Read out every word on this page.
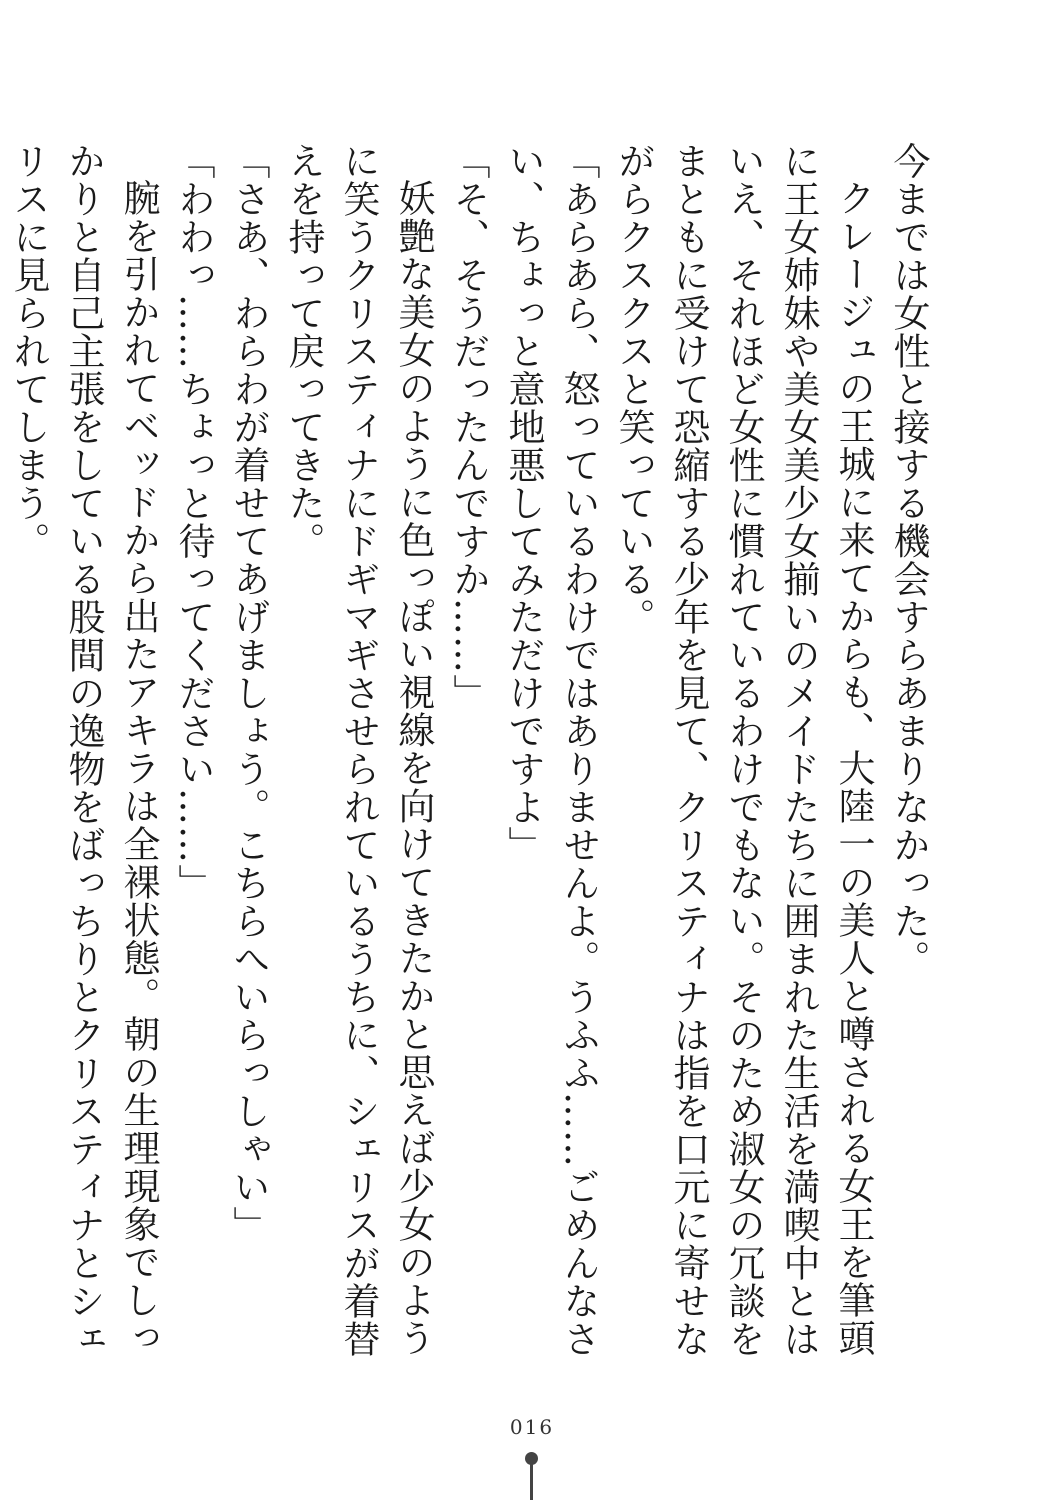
今までは女性と接する機会すらあまりなかった。

クレージュの王城に来てからも、大陸一の美人と噂される女王を筆頭に王女姉妹や美女美少女揃いのメイドたちに囲まれた生活を満喫中とはいえ、それほど女性に慣れているわけでもない。そのため淑女の冗談をまともに受けて恐縮する少年を見て、クリスティナは指を口元に寄せながらクスクスと笑っている。

「あらあら、怒っているわけではありませんよ。うふふ……ごめんなさい、ちょっと意地悪してみただけですよ」

「そ、そうだったんですか……」

妖艶な美女のように色っぽい視線を向けてきたかと思えば少女のように笑うクリスティナにドギマギさせられているうちに、シェリスが着替えを持って戻ってきた。

「さあ、わらわが着せてあげましょう。こちらへいらっしゃい」

「わわっ……ちょっと待ってください……」

腕を引かれてベッドから出たアキラは全裸状態。朝の生理現象でしっかりと自己主張をしている股間の逸物をばっちりとクリスティナとシェリスに見られてしまう。

016
